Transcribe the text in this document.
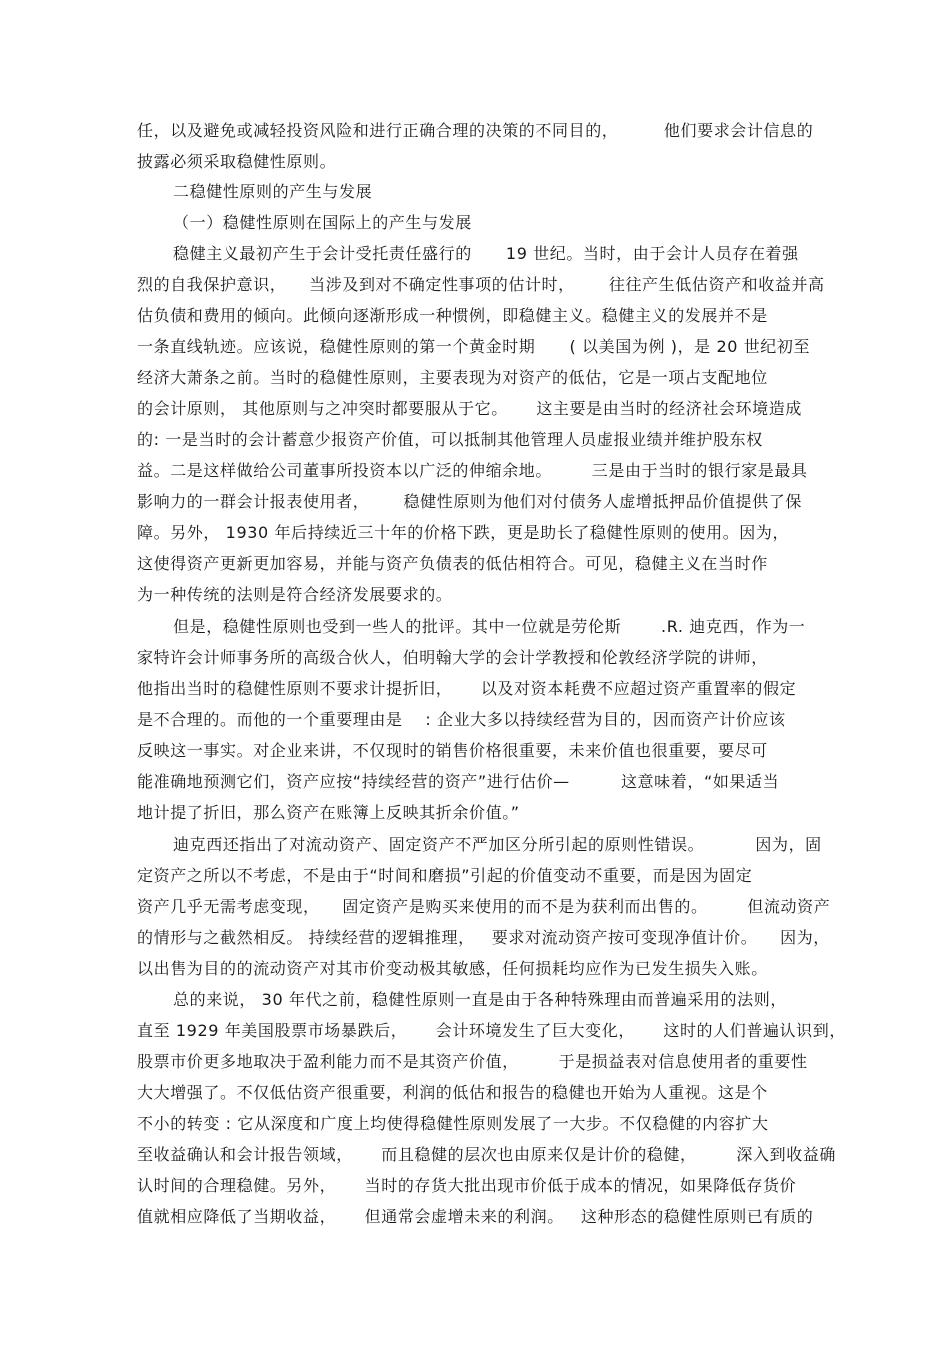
任，以及避免或减轻投资风险和进行正确合理的决策的不同目的，        他们要求会计信息的
披露必须采取稳健性原则。
二稳健性原则的产生与发展
（一）稳健性原则在国际上的产生与发展
稳健主义最初产生于会计受托责任盛行的      19 世纪。当时，由于会计人员存在着强
烈的自我保护意识，    当涉及到对不确定性事项的估计时，      往往产生低估资产和收益并高
估负债和费用的倾向。此倾向逐渐形成一种惯例，即稳健主义。稳健主义的发展并不是
一条直线轨迹。应该说，稳健性原则的第一个黄金时期      ( 以美国为例 )，是 20 世纪初至
经济大萧条之前。当时的稳健性原则，主要表现为对资产的低估，它是一项占支配地位
的会计原则， 其他原则与之冲突时都要服从于它。     这主要是由当时的经济社会环境造成
的: 一是当时的会计蓄意少报资产价值，可以抵制其他管理人员虚报业绩并维护股东权
益。二是这样做给公司董事所投资本以广泛的伸缩余地。       三是由于当时的银行家是最具
影响力的一群会计报表使用者，      稳健性原则为他们对付债务人虚增抵押品价值提供了保
障。另外， 1930 年后持续近三十年的价格下跌，更是助长了稳健性原则的使用。因为，
这使得资产更新更加容易，并能与资产负债表的低估相符合。可见，稳健主义在当时作
为一种传统的法则是符合经济发展要求的。
但是，稳健性原则也受到一些人的批评。其中一位就是劳伦斯       .R. 迪克西，作为一
家特许会计师事务所的高级合伙人，伯明翰大学的会计学教授和伦敦经济学院的讲师，
他指出当时的稳健性原则不要求计提折旧，     以及对资本耗费不应超过资产重置率的假定
是不合理的。而他的一个重要理由是    : 企业大多以持续经营为目的，因而资产计价应该
反映这一事实。对企业来讲，不仅现时的销售价格很重要，未来价值也很重要，要尽可
能准确地预测它们，资产应按“持续经营的资产”进行估价—         这意味着，“如果适当
地计提了折旧，那么资产在账簿上反映其折余价值。”
迪克西还指出了对流动资产、固定资产不严加区分所引起的原则性错误。         因为，固
定资产之所以不考虑，不是由于“时间和磨损”引起的价值变动不重要，而是因为固定
资产几乎无需考虑变现，    固定资产是购买来使用的而不是为获利而出售的。       但流动资产
的情形与之截然相反。 持续经营的逻辑推理，   要求对流动资产按可变现净值计价。    因为，
以出售为目的的流动资产对其市价变动极其敏感，任何损耗均应作为已发生损失入账。
总的来说， 30 年代之前，稳健性原则一直是由于各种特殊理由而普遍采用的法则，
直至 1929 年美国股票市场暴跌后，     会计环境发生了巨大变化，     这时的人们普遍认识到，
股票市价更多地取决于盈利能力而不是其资产价值，       于是损益表对信息使用者的重要性
大大增强了。不仅低估资产很重要，利润的低估和报告的稳健也开始为人重视。这是个
不小的转变 : 它从深度和广度上均使得稳健性原则发展了一大步。不仅稳健的内容扩大
至收益确认和会计报告领域，     而且稳健的层次也由原来仅是计价的稳健，       深入到收益确
认时间的合理稳健。另外，     当时的存货大批出现市价低于成本的情况，如果降低存货价
值就相应降低了当期收益，     但通常会虚增未来的利润。   这种形态的稳健性原则已有质的
